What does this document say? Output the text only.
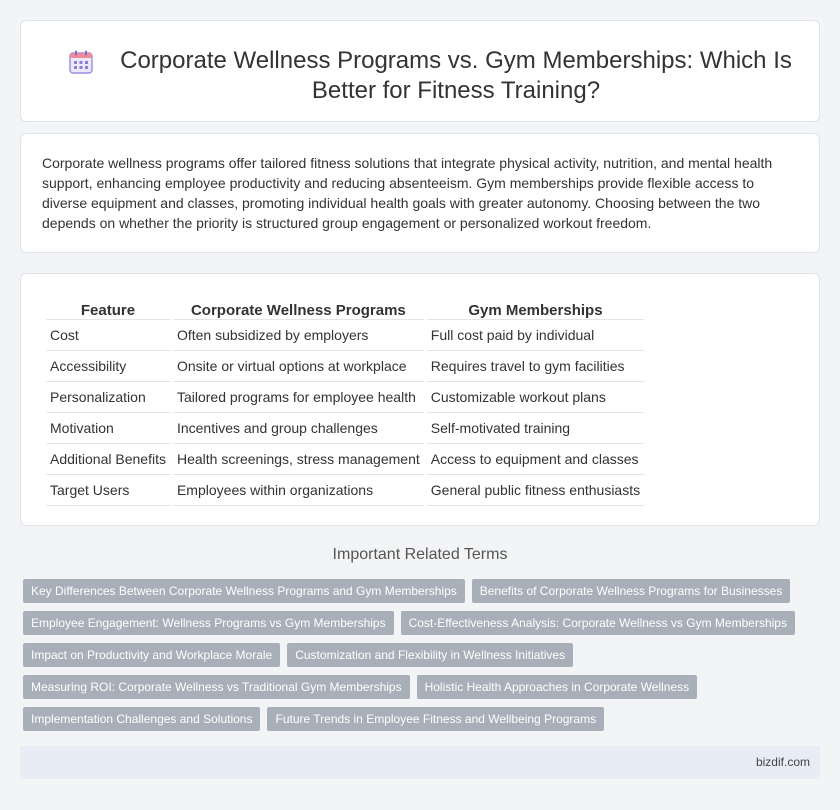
Corporate Wellness Programs vs. Gym Memberships: Which Is Better for Fitness Training?

Corporate wellness programs offer tailored fitness solutions that integrate physical activity, nutrition, and mental health support, enhancing employee productivity and reducing absenteeism. Gym memberships provide flexible access to diverse equipment and classes, promoting individual health goals with greater autonomy. Choosing between the two depends on whether the priority is structured group engagement or personalized workout freedom.

Feature	Corporate Wellness Programs	Gym Memberships
Cost	Often subsidized by employers	Full cost paid by individual
Accessibility	Onsite or virtual options at workplace	Requires travel to gym facilities
Personalization	Tailored programs for employee health	Customizable workout plans
Motivation	Incentives and group challenges	Self-motivated training
Additional Benefits	Health screenings, stress management	Access to equipment and classes
Target Users	Employees within organizations	General public fitness enthusiasts
Important Related Terms
Key Differences Between Corporate Wellness Programs and Gym Memberships	Benefits of Corporate Wellness Programs for Businesses
Employee Engagement: Wellness Programs vs Gym Memberships	Cost-Effectiveness Analysis: Corporate Wellness vs Gym Memberships
Impact on Productivity and Workplace Morale	Customization and Flexibility in Wellness Initiatives
Measuring ROI: Corporate Wellness vs Traditional Gym Memberships	Holistic Health Approaches in Corporate Wellness
Implementation Challenges and Solutions	Future Trends in Employee Fitness and Wellbeing Programs
bizdif.com
